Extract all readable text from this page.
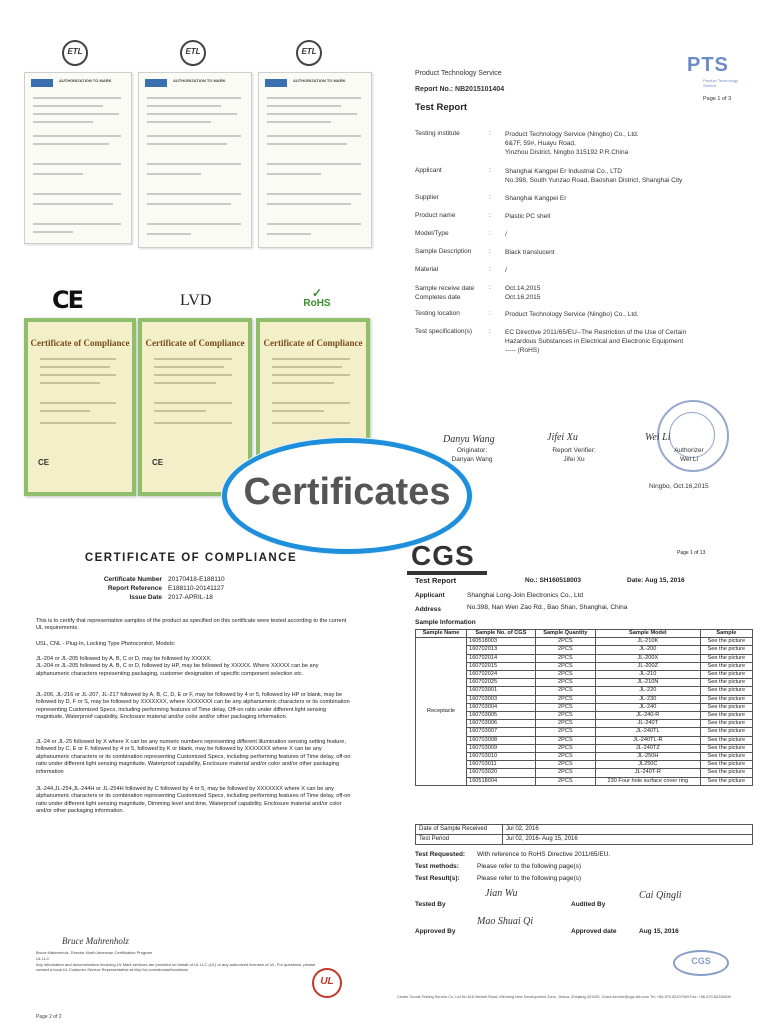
ETL	ETL	ETL
AUTHORIZATION TO MARK	AUTHORIZATION TO MARK	AUTHORIZATION TO MARK
CE	LVD	✓
RoHS
Certificate of Compliance
CE
Certificate of Compliance
CE
Certificate of Compliance
PTS
Product Technology Service
Product Technology Service
Report No.: NB2015101404
Page 1 of 3
Test Report
Testing institute	: Product Technology Service (Ningbo) Co., Ltd.
6&7F, 59#, Huayu Road,
Yinzhou District, Ningbo 315192 P.R.China
Applicant	: Shanghai Kangpei Er Industrial Co., LTD
No.398, South Yunzao Road, Baoshan District, Shanghai City
Supplier	: Shanghai Kangpei Er
Product name	: Plastic PC shell
Model/Type	: /
Sample Description	: Black translucent
Material	: /
Sample receive date
Completes date
: Oct.14,2015
Oct.16,2015
Testing location	: Product Technology Service (Ningbo) Co., Ltd.
Test specification(s)	: EC Directive 2011/65/EU--The Restriction of the Use of Certain
Hazardous Substances in Electrical and Electronic Equipment
----- (RoHS)
Danyu Wang
Originator:
Danyan Wang
Jifei Xu
Report Verifier:
Jifei Xu
Wei Li
Authorizer
Wei Li
Ningbo, Oct.16,2015
CERTIFICATE OF COMPLIANCE
Certificate Number 20170418-E188110
Report Reference E188110-20141127
Issue Date 2017-APRIL-18
This is to certify that representative samples of the product as specified on this certificate were tested according to the current UL requirements.
USL, CNL - Plug-In, Locking Type Photocontrol, Models:
JL-204 or JL-205 followed by A, B, C or D, may be followed by XXXXX.
JL-204 or JL-205 followed by A, B, C or D, followed by HP, may be followed by XXXXX. Where XXXXX can be any alphanumeric characters representing packaging, customer designation of specific component selection etc.
JL-206, JL-216 or JL-207, JL-217 followed by A, B, C, D, E or F, may be followed by 4 or 5, followed by HP or blank, may be followed by D, F or S, may be followed by XXXXXXX, where XXXXXXX can be any alphanumeric characters or its combination representing Customized Specs, including performing features of Time delay, Off-on ratio under different light sensing magnitude, Waterproof capability, Enclosure material and/or color and/or other packaging information.
JL-24 or JL-25 followed by X where X can be any numeric numbers representing different illumination sensing setting feature, followed by C, E or F, followed by 4 or 5, followed by K or blank, may be followed by XXXXXXX where X can be any alphanumeric characters or its combination representing Customized Specs, including performing features of Time delay, off-on ratio under different light sensing magnitude, Waterproof capability, Enclosure material and/or color and/or other packaging information
JL-244,JL-254,JL-244H or JL-254H followed by C followed by 4 or 5, may be followed by XXXXXXX where X can be any alphanumeric characters or its combination representing Customized Specs, including performing features of Time delay, off-on ratio under different light sensing magnitude, Dimming level and time, Waterproof capability, Enclosure material and/or color and/or other packaging information.
Bruce Mahrenholz
Bruce Mahrenholz, Director North American Certification Program
UL LLC
Any information and documentation involving UL Mark services are provided on behalf of UL LLC (UL) or any authorized licensee of UL. For questions, please contact a local UL Customer Service Representative at http://ul.com/aboutul/locations/
UL
Page 2 of 2
CGS	Page 1 of 13
Test Report	No.: SH160518003	Date: Aug 15, 2016
Applicant	Shanghai Long-Join Electronics Co., Ltd
Address	No.398, Nan Wen Zao Rd., Bao Shan, Shanghai, China
Sample Information
Sample Name	Sample No. of CGS	Sample Quantity	Sample Model	Sample
Receptacle	160518003	2PCS	JL-210K	See the picture
	160702013	2PCS	JL-200	See the picture
	160702014	2PCS	JL-200X	See the picture
	160702015	2PCS	JL-200Z	See the picture
	160702024	2PCS	JL-210	See the picture
	160702025	2PCS	JL-210N	See the picture
	160703001	2PCS	JL-220	See the picture
	160703003	2PCS	JL-230	See the picture
	160703004	2PCS	JL-240	See the picture
	160703005	2PCS	JL-240-R	See the picture
	160703006	2PCS	JL-240T	See the picture
	160703007	2PCS	JL-240TL	See the picture
	160703008	2PCS	JL-240TL-R	See the picture
	160703009	2PCS	JL-240TZ	See the picture
	160703010	2PCS	JL-250H	See the picture
	160703011	2PCS	JL250C	See the picture
	160703020	2PCS	JL-240T-R	See the picture
	160518004	2PCS	230 Four hole surface cover ring	See the picture
Date of Sample Received	Jul 02, 2016
Test Period	Jul 02, 2016- Aug 15, 2016
Test Requested: With reference to RoHS Directive 2011/65/EU.
Test methods:	Please refer to the following page(s)
Test Result(s):	Please refer to the following page(s)
Tested By
Jian Wu
Audited By
Cai Qingli
Approved By
Mao Shuai Qi
Approved date	Aug 15, 2016
CGS
Center Goods Testing Service Co.,Ltd No.618 Weiwei Road, Minhang New Development Zone, Jinhua, Zhejiang 321025, China service@cgs-lab.com Tel: +86-579-82207509 Fax: +86-579-82226506
Certificates
